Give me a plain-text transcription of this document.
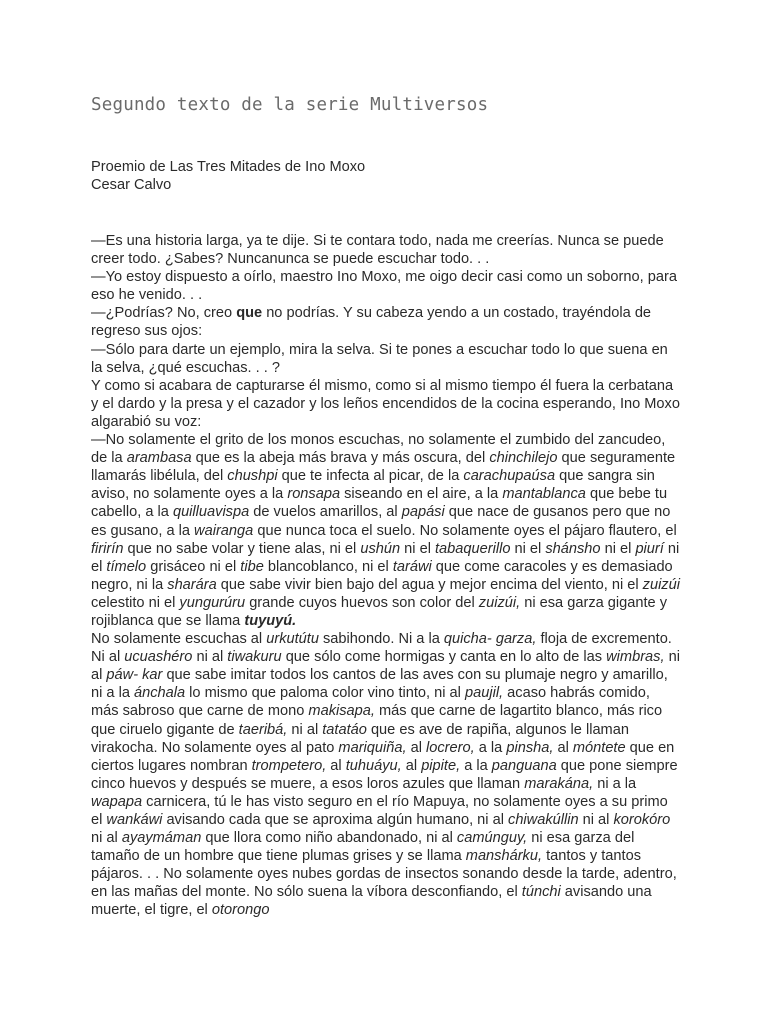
Segundo texto de la serie Multiversos
Proemio de Las Tres Mitades de Ino Moxo
Cesar Calvo

—Es una historia larga, ya te dije. Si te contara todo, nada me creerías. Nunca se puede creer todo. ¿Sabes? Nuncanunca se puede escuchar todo. . .

—Yo estoy dispuesto a oírlo, maestro Ino Moxo, me oigo decir casi como un soborno, para eso he venido. . .

—¿Podrías? No, creo que no podrías. Y su cabeza yendo a un costado, trayéndola de regreso sus ojos:

—Sólo para darte un ejemplo, mira la selva. Si te pones a escuchar todo lo que suena en la selva, ¿qué escuchas. . . ?

Y como si acabara de capturarse él mismo, como si al mismo tiempo él fuera la cerbatana y el dardo y la presa y el cazador y los leños encendidos de la cocina esperando, Ino Moxo algarabió su voz:

—No solamente el grito de los monos escuchas, no solamente el zumbido del zancudeo, de la arambasa que es la abeja más brava y más oscura, del chinchilejo que seguramente llamarás libélula, del chushpi que te infecta al picar, de la carachupaúsa que sangra sin aviso, no solamente oyes a la ronsapa siseando en el aire, a la mantablanca que bebe tu cabello, a la quilluavispa de vuelos amarillos, al papási que nace de gusanos pero que no es gusano, a la wairanga que nunca toca el suelo. No solamente oyes el pájaro flautero, el firirín que no sabe volar y tiene alas, ni el ushún ni el tabaquerillo ni el shánsho ni el piurí ni el tímelo grisáceo ni el tibe blancoblanco, ni el taráwi que come caracoles y es demasiado negro, ni la sharára que sabe vivir bien bajo del agua y mejor encima del viento, ni el zuizúi celestito ni el yungurúru grande cuyos huevos son color del zuizúi, ni esa garza gigante y rojiblanca que se llama tuyuyú.

No solamente escuchas al urkutútu sabihondo. Ni a la quicha- garza, floja de excremento. Ni al ucuashéro ni al tiwakuru que sólo come hormigas y canta en lo alto de las wimbras, ni al páw- kar que sabe imitar todos los cantos de las aves con su plumaje negro y amarillo, ni a la ánchala lo mismo que paloma color vino tinto, ni al paujil, acaso habrás comido, más sabroso que carne de mono makisapa, más que carne de lagartito blanco, más rico que ciruelo gigante de taeribá, ni al tatatáo que es ave de rapiña, algunos le llaman virakocha. No solamente oyes al pato mariquiña, al locrero, a la pinsha, al móntete que en ciertos lugares nombran trompetero, al tuhuáyu, al pipite, a la panguana que pone siempre cinco huevos y después se muere, a esos loros azules que llaman marakána, ni a la wapapa carnicera, tú le has visto seguro en el río Mapuya, no solamente oyes a su primo el wankáwi avisando cada que se aproxima algún humano, ni al chiwakúllin ni al korokóro ni al ayaymáman que llora como niño abandonado, ni al camúnguy, ni esa garza del tamaño de un hombre que tiene plumas grises y se llama manshárku, tantos y tantos pájaros. . . No solamente oyes nubes gordas de insectos sonando desde la tarde, adentro, en las mañas del monte. No sólo suena la víbora desconfiando, el túnchi avisando una muerte, el tigre, el otorongo
